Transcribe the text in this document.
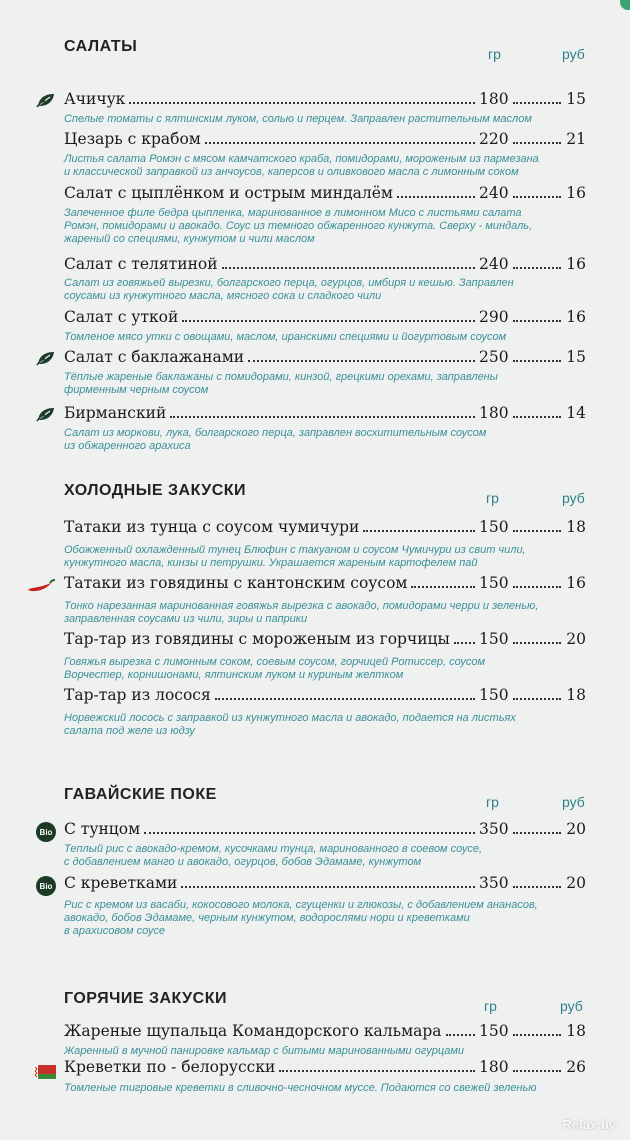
САЛАТЫ	гр	руб
Ачичук	180	15
Спелые томаты с ялтинским луком, солью и перцем. Заправлен растительным маслом
Цезарь с крабом	220	21
Листья салата Ромэн с мясом камчатского краба, помидорами, мороженым из пармезана
и классической заправкой из анчоусов, каперсов и оливкового масла с лимонным соком
Салат с цыплёнком и острым миндалём	240	16
Запеченное филе бедра цыпленка, маринованное в лимонном Мисо с листьями салата
Ромэн, помидорами и авокадо. Соус из темного обжаренного кунжута. Сверху - миндаль,
жареный со специями, кунжутом и чили маслом
Салат с телятиной	240	16
Салат из говяжьей вырезки, болгарского перца, огурцов, имбиря и кешью. Заправлен
соусами из кунжутного масла, мясного сока и сладкого чили
Салат с уткой	290	16
Томленое мясо утки с овощами, маслом, иранскими специями и йогуртовым соусом
Салат с баклажанами	250	15
Тёплые жареные баклажаны с помидорами, кинзой, грецкими орехами, заправлены
фирменным черным соусом
Бирманский	180	14
Салат из моркови, лука, болгарского перца, заправлен восхитительным соусом
из обжаренного арахиса
ХОЛОДНЫЕ ЗАКУСКИ	гр	руб
Татаки из тунца с соусом чумичури	150	18
Обожженный охлажденный тунец Блюфин с такуаном и соусом Чумичури из свит чили,
кунжутного масла, кинзы и петрушки. Украшается жареным картофелем пай
Татаки из говядины с кантонским соусом	150	16
Тонко нарезанная маринованная говяжья вырезка с авокадо, помидорами черри и зеленью,
заправленная соусами из чили, зиры и паприки
Тар-тар из говядины с мороженым из горчицы 150	20
Говяжья вырезка с лимонным соком, соевым соусом, горчицей Ротиссер, соусом
Ворчестер, корнишонами, ялтинским луком и куриным желтком
Тар-тар из лосося	150	18
Норвежский лосось с заправкой из кунжутного масла и авокадо, подается на листьях
салата под желе из юдзу
ГАВАЙСКИЕ ПОКЕ	гр	руб
С тунцом	350	20
Теплый рис с авокадо-кремом, кусочками тунца, маринованного в соевом соусе,
с добавлением манго и авокадо, огурцов, бобов Эдамаме, кунжутом
Bio
С креветками	350	20
Рис с кремом из васаби, кокосового молока, сгущенки и глюкозы, с добавлением ананасов,
авокадо, бобов Эдамаме, черным кунжутом, водорослями нори и креветками
в арахисовом соусе
Bio
ГОРЯЧИЕ ЗАКУСКИ	гр	руб
Жареные щупальца Командорского кальмара 150	18
Жаренный в мучной панировке кальмар с битыми маринованными огурцами
Креветки по - белорусски	180	26
Томленые тигровые креветки в сливочно-чесночном муссе. Подаются со свежей зеленью
Relax.by
